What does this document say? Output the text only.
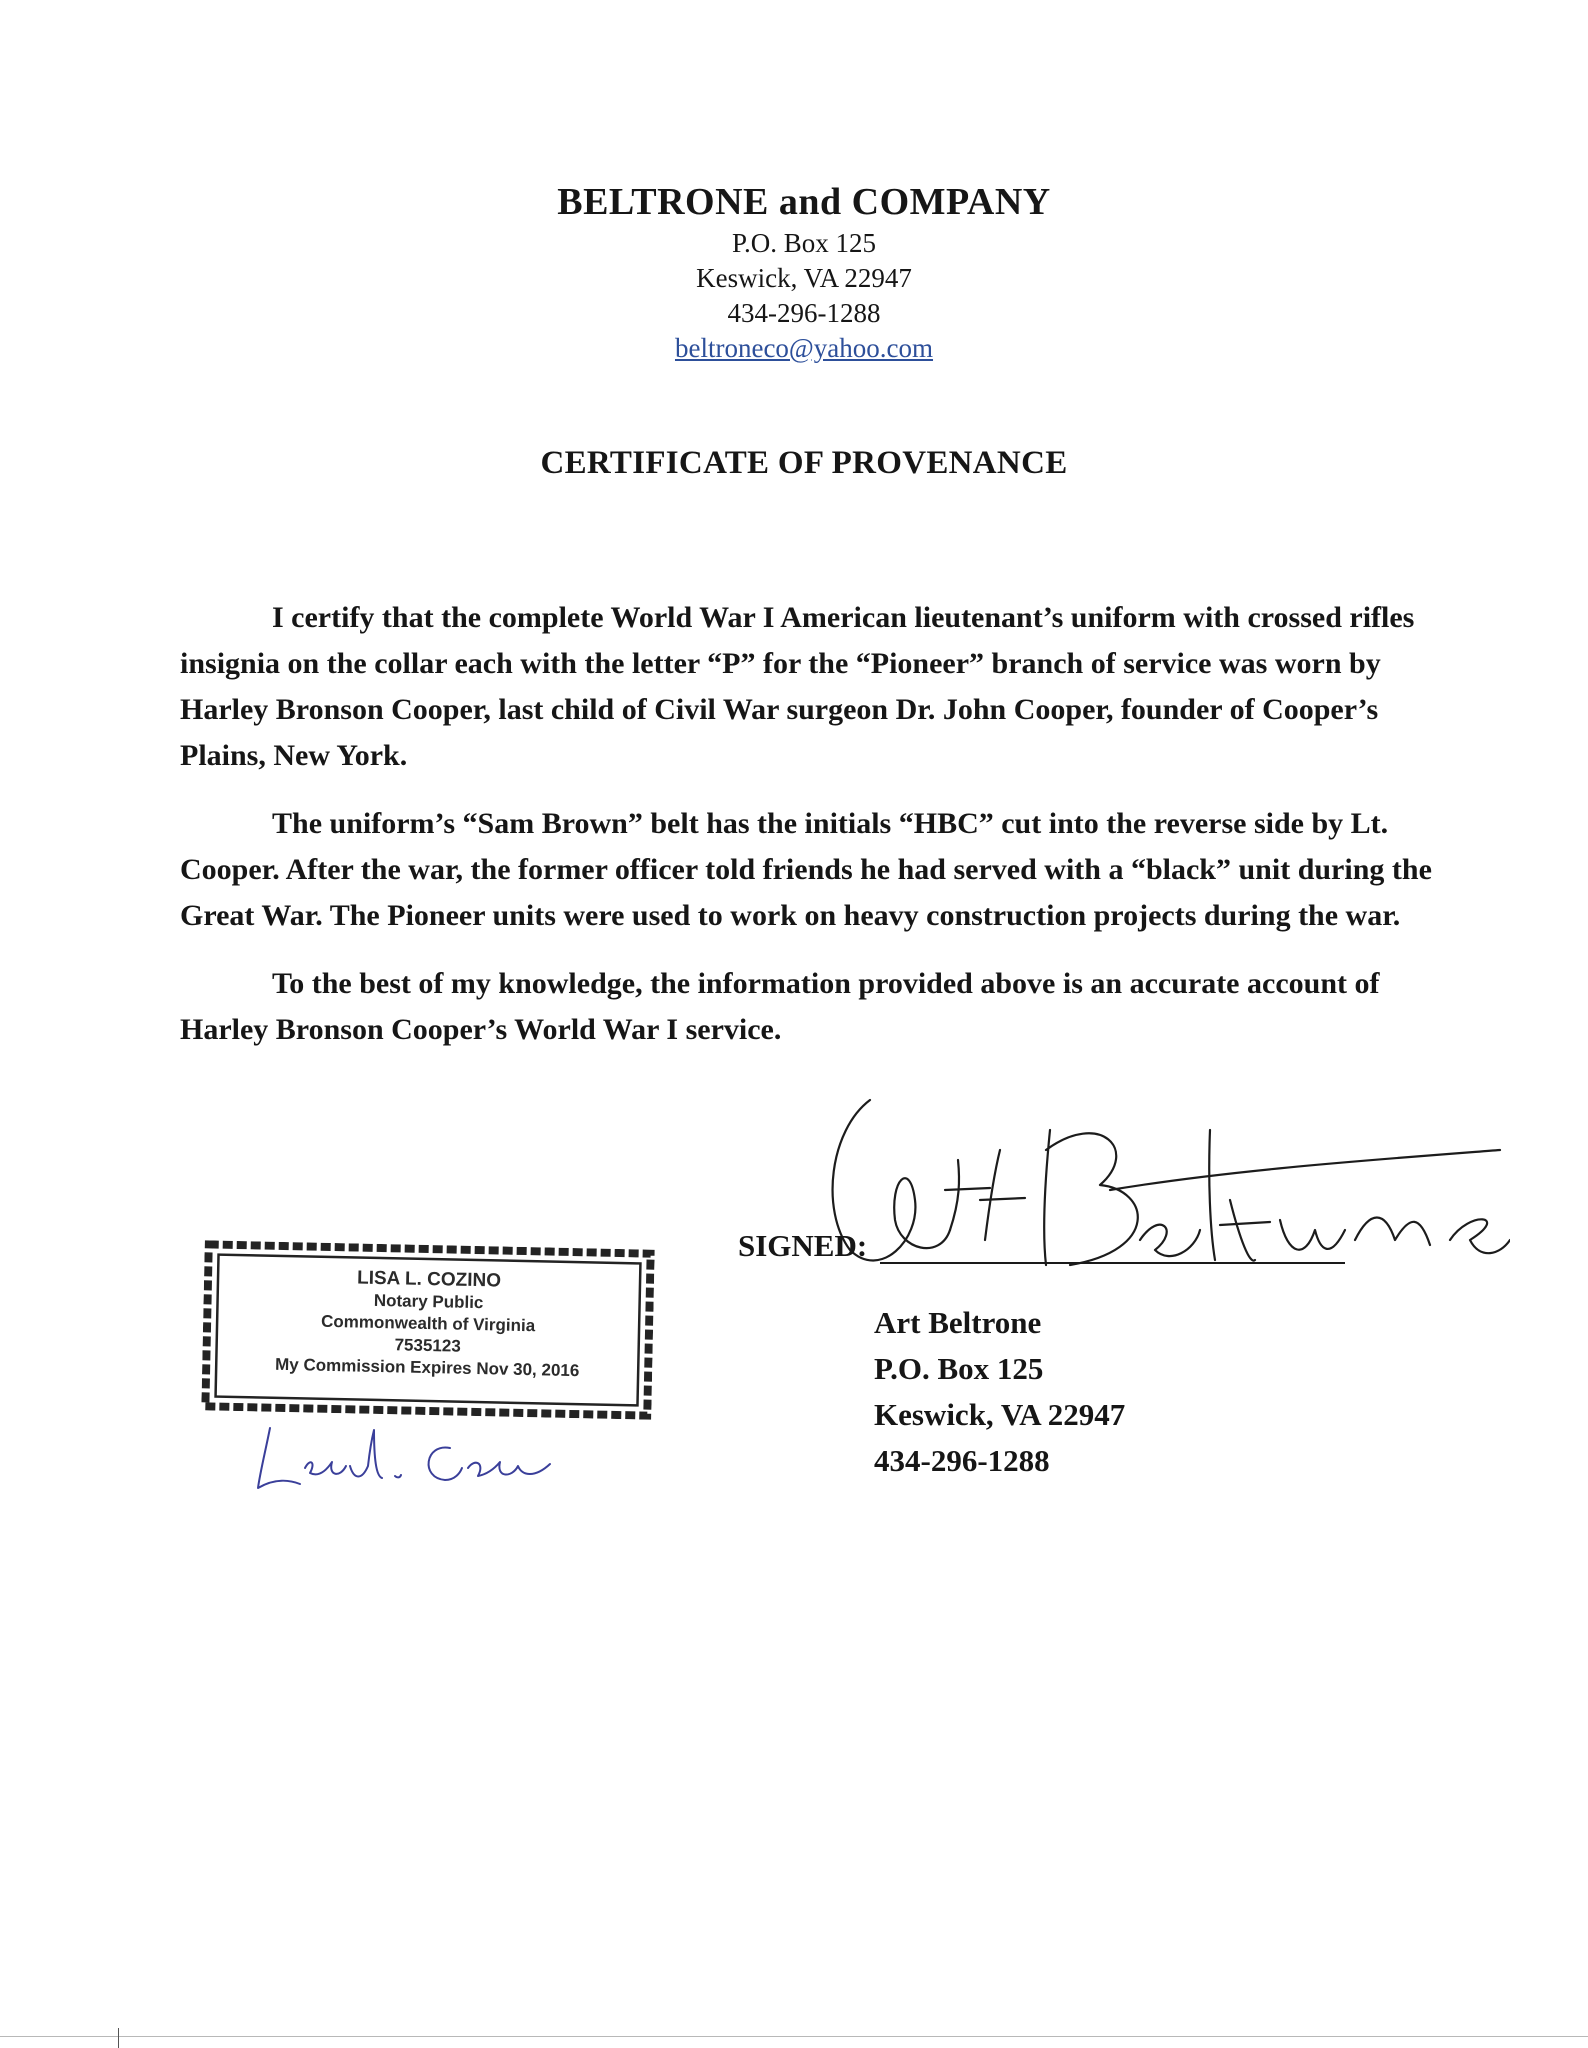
BELTRONE and COMPANY
P.O. Box 125
Keswick, VA 22947
434-296-1288
beltroneco@yahoo.com
CERTIFICATE OF PROVENANCE

I certify that the complete World War I American lieutenant’s uniform with crossed rifles insignia on the collar each with the letter “P” for the “Pioneer” branch of service was worn by Harley Bronson Cooper, last child of Civil War surgeon Dr. John Cooper, founder of Cooper’s Plains, New York.

The uniform’s “Sam Brown” belt has the initials “HBC” cut into the reverse side by Lt. Cooper. After the war, the former officer told friends he had served with a “black” unit during the Great War. The Pioneer units were used to work on heavy construction projects during the war.

To the best of my knowledge, the information provided above is an accurate account of Harley Bronson Cooper’s World War I service.

SIGNED:
Art Beltrone
P.O. Box 125
Keswick, VA 22947
434-296-1288
LISA L. COZINO
Notary Public
Commonwealth of Virginia
7535123
My Commission Expires Nov 30, 2016
